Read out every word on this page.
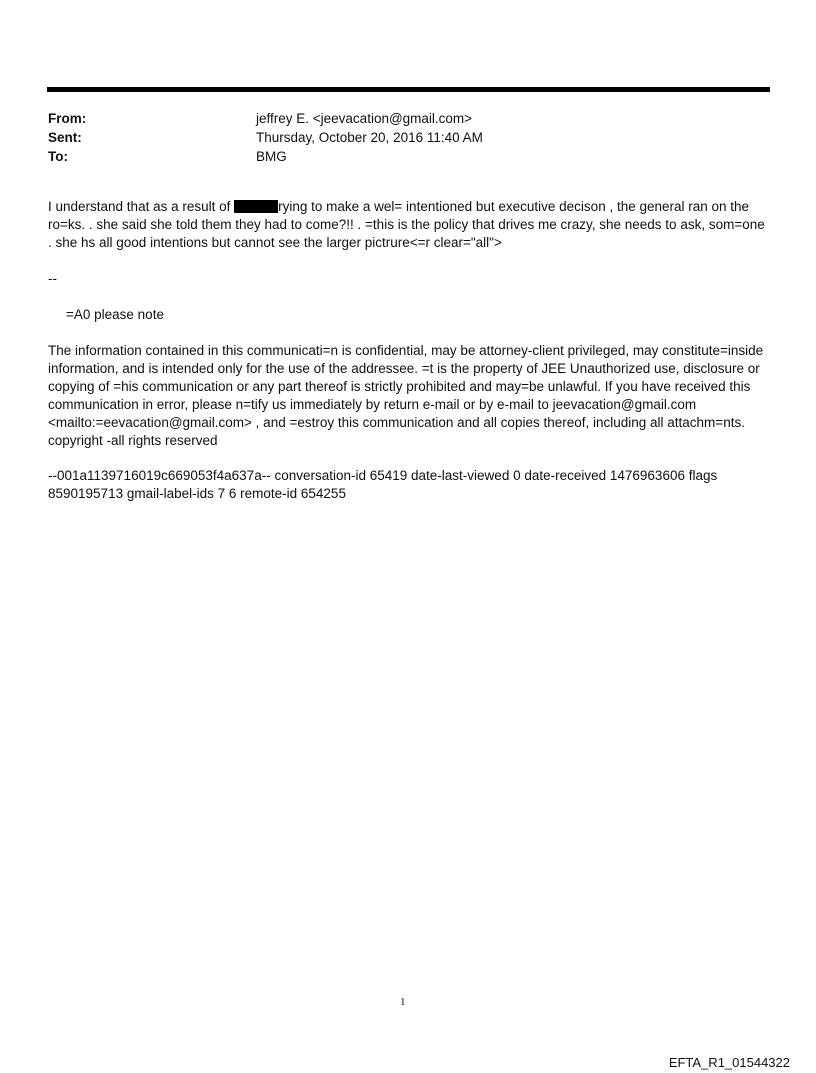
From:	jeffrey E. <jeevacation@gmail.com>
Sent:	Thursday, October 20, 2016 11:40 AM
To:	BMG

I understand that as a result of	rying to make a wel= intentioned but executive decison , the general ran on the ro=ks. . she said she told them they had to come?!! . =this is the policy that drives me crazy, she needs to ask, som=one . she hs all good intentions but cannot see the larger pictrure<=r clear="all">

--

=A0 please note

The information contained in this communicati=n is confidential, may be attorney-client privileged, may constitute=inside information, and is intended only for the use of the addressee. =t is the property of JEE Unauthorized use, disclosure or copying of =his communication or any part thereof is strictly prohibited and may=be unlawful. If you have received this communication in error, please n=tify us immediately by return e-mail or by e-mail to jeevacation@gmail.com <mailto:=eevacation@gmail.com> , and =estroy this communication and all copies thereof, including all attachm=nts. copyright -all rights reserved

--001a1139716019c669053f4a637a-- conversation-id 65419 date-last-viewed 0 date-received 1476963606 flags 8590195713 gmail-label-ids 7 6 remote-id 654255

1
EFTA_R1_01544322
